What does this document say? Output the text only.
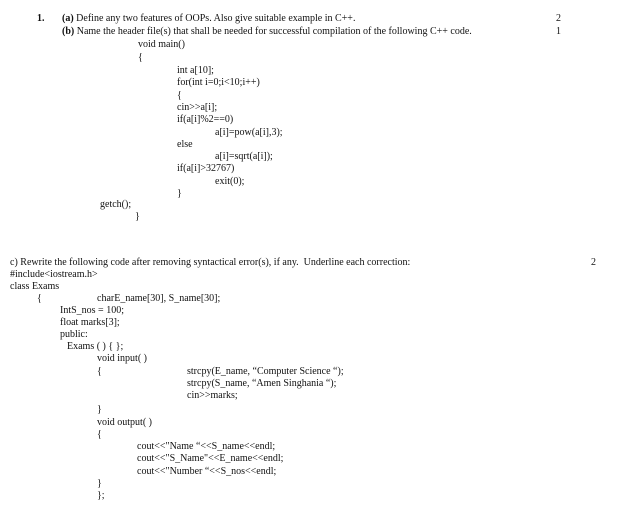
1. (a) Define any two features of OOPs. Also give suitable example in C++.	2
(b) Name the header file(s) that shall be needed for successful compilation of the following C++ code.	1
void main()
{
int a[10];
for(int i=0;i<10;i++)
{
cin>>a[i];
if(a[i]%2==0)
a[i]=pow(a[i],3);
else
a[i]=sqrt(a[i]);
if(a[i]>32767)
exit(0);
}
getch();
}
c) Rewrite the following code after removing syntactical error(s), if any.  Underline each correction:	2
#include<iostream.h>
class Exams
{	charE_name[30], S_name[30];
IntS_nos = 100;
float marks[3];
public:
Exams ( ) { };
void input( )
{	strcpy(E_name, “Computer Science “);
strcpy(S_name, “Amen Singhania “);
cin>>marks;
}
void output( )
{
cout<<"Name “<<S_name<<endl;
cout<<"S_Name"<<E_name<<endl;
cout<<"Number “<<S_nos<<endl;
}
};
